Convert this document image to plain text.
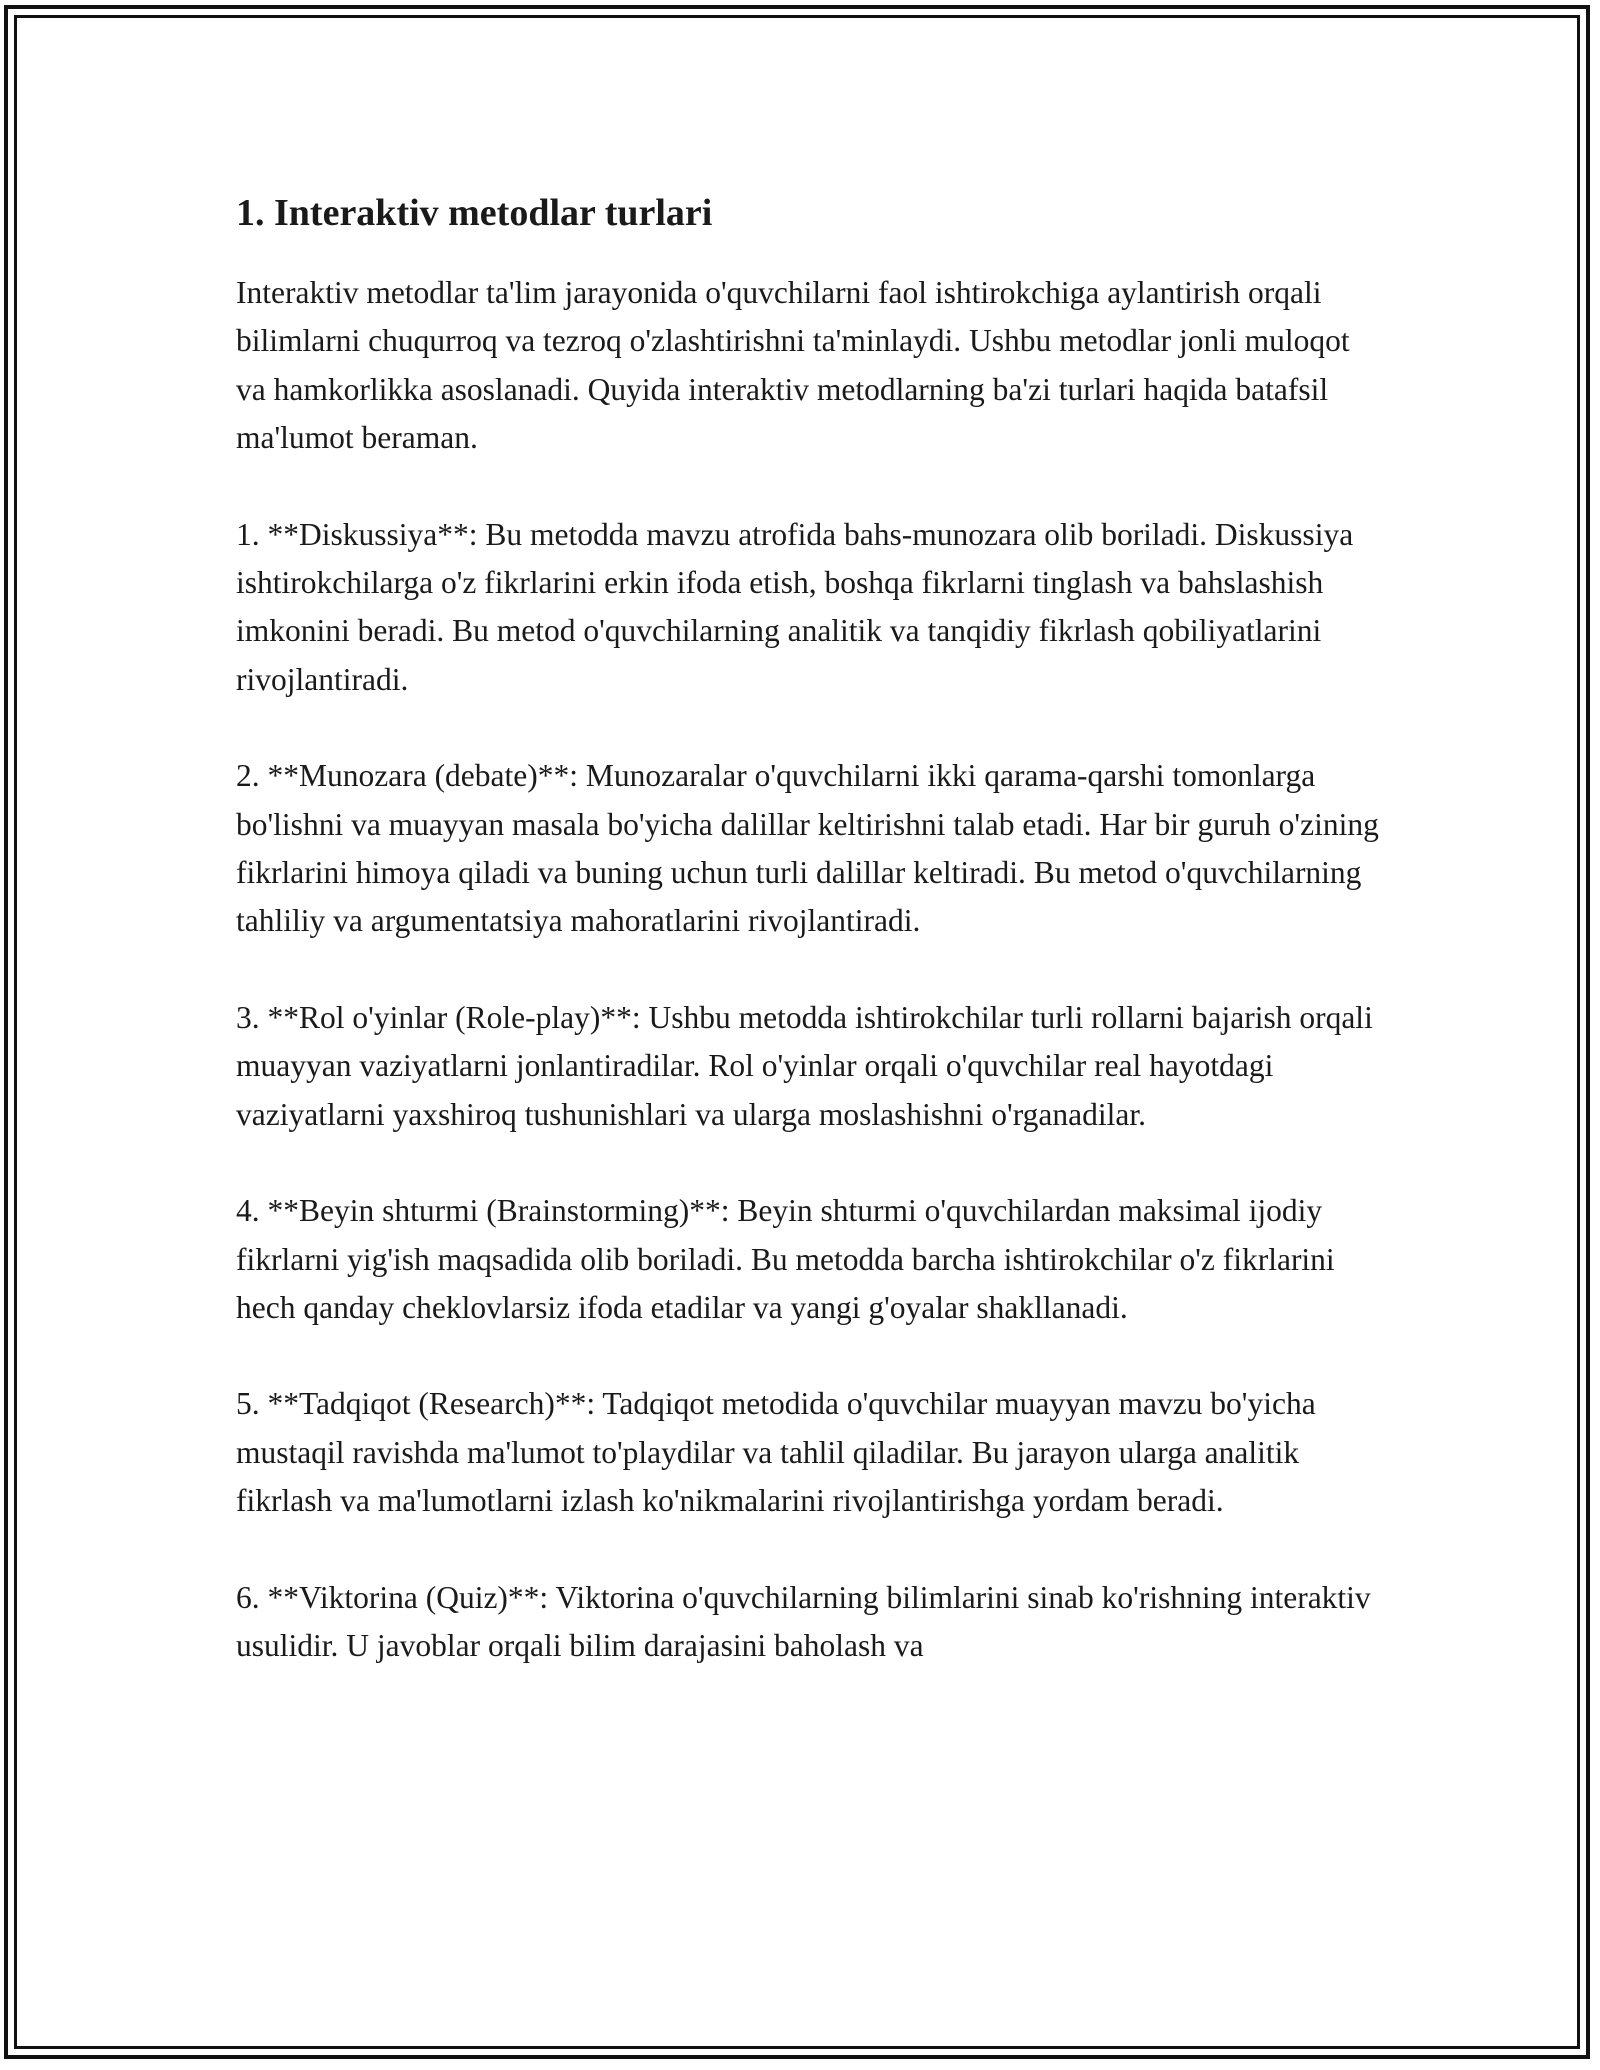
1. Interaktiv metodlar turlari

Interaktiv metodlar ta'lim jarayonida o'quvchilarni faol ishtirokchiga aylantirish orqali bilimlarni chuqurroq va tezroq o'zlashtirishni ta'minlaydi. Ushbu metodlar jonli muloqot va hamkorlikka asoslanadi. Quyida interaktiv metodlarning ba'zi turlari haqida batafsil ma'lumot beraman.

1. **Diskussiya**: Bu metodda mavzu atrofida bahs-munozara olib boriladi. Diskussiya ishtirokchilarga o'z fikrlarini erkin ifoda etish, boshqa fikrlarni tinglash va bahslashish imkonini beradi. Bu metod o'quvchilarning analitik va tanqidiy fikrlash qobiliyatlarini rivojlantiradi.

2. **Munozara (debate)**: Munozaralar o'quvchilarni ikki qarama-qarshi tomonlarga bo'lishni va muayyan masala bo'yicha dalillar keltirishni talab etadi. Har bir guruh o'zining fikrlarini himoya qiladi va buning uchun turli dalillar keltiradi. Bu metod o'quvchilarning tahliliy va argumentatsiya mahoratlarini rivojlantiradi.

3. **Rol o'yinlar (Role-play)**: Ushbu metodda ishtirokchilar turli rollarni bajarish orqali muayyan vaziyatlarni jonlantiradilar. Rol o'yinlar orqali o'quvchilar real hayotdagi vaziyatlarni yaxshiroq tushunishlari va ularga moslashishni o'rganadilar.

4. **Beyin shturmi (Brainstorming)**: Beyin shturmi o'quvchilardan maksimal ijodiy fikrlarni yig'ish maqsadida olib boriladi. Bu metodda barcha ishtirokchilar o'z fikrlarini hech qanday cheklovlarsiz ifoda etadilar va yangi g'oyalar shakllanadi.

5. **Tadqiqot (Research)**: Tadqiqot metodida o'quvchilar muayyan mavzu bo'yicha mustaqil ravishda ma'lumot to'playdilar va tahlil qiladilar. Bu jarayon ularga analitik fikrlash va ma'lumotlarni izlash ko'nikmalarini rivojlantirishga yordam beradi.

6. **Viktorina (Quiz)**: Viktorina o'quvchilarning bilimlarini sinab ko'rishning interaktiv usulidir. U javoblar orqali bilim darajasini baholash va
